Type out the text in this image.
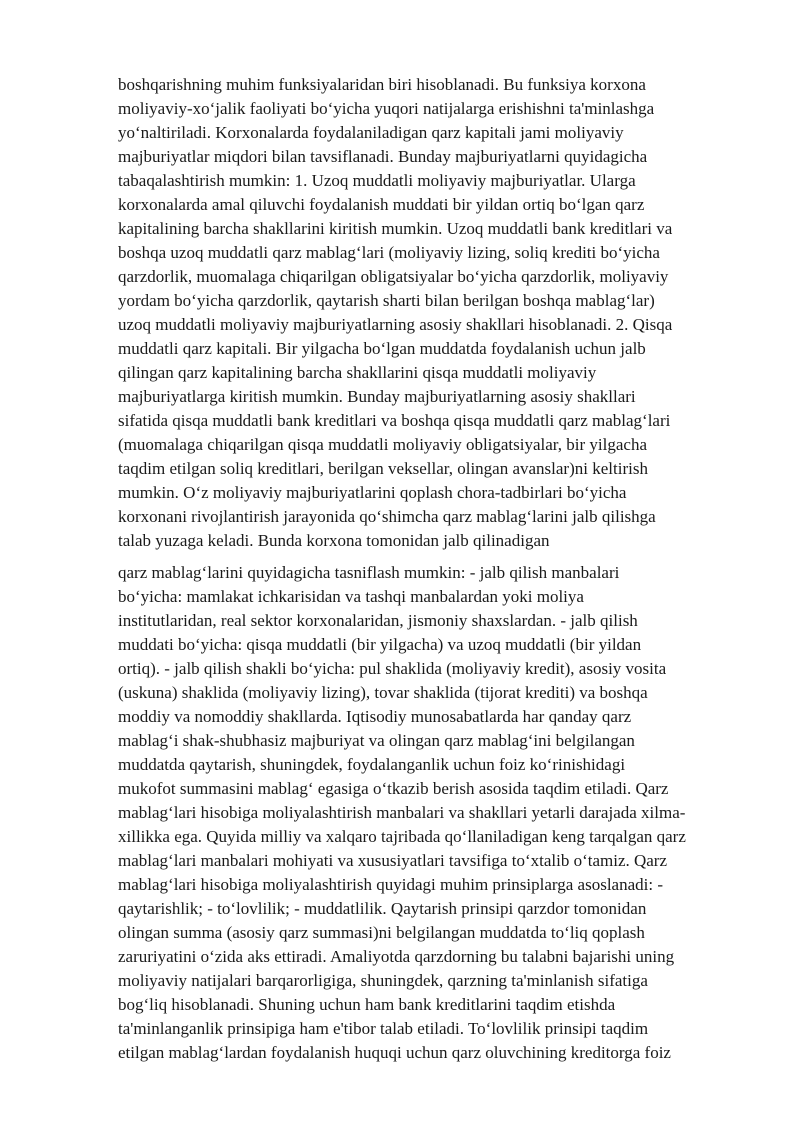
boshqarishning muhim funksiyalaridan biri hisoblanadi. Bu funksiya korxona

moliyaviy-xo‘jalik faoliyati bo‘yicha yuqori natijalarga erishishni ta'minlashga

yo‘naltiriladi. Korxonalarda foydalaniladigan qarz kapitali jami moliyaviy

majburiyatlar miqdori bilan tavsiflanadi. Bunday majburiyatlarni quyidagicha

tabaqalashtirish mumkin: 1. Uzoq muddatli moliyaviy majburiyatlar. Ularga

korxonalarda amal qiluvchi foydalanish muddati bir yildan ortiq bo‘lgan qarz

kapitalining barcha shakllarini kiritish mumkin. Uzoq muddatli bank kreditlari va

boshqa uzoq muddatli qarz mablag‘lari (moliyaviy lizing, soliq krediti bo‘yicha

qarzdorlik, muomalaga chiqarilgan obligatsiyalar bo‘yicha qarzdorlik, moliyaviy

yordam bo‘yicha qarzdorlik, qaytarish sharti bilan berilgan boshqa mablag‘lar)

uzoq muddatli moliyaviy majburiyatlarning asosiy shakllari hisoblanadi. 2. Qisqa

muddatli qarz kapitali. Bir yilgacha bo‘lgan muddatda foydalanish uchun jalb

qilingan qarz kapitalining barcha shakllarini qisqa muddatli moliyaviy

majburiyatlarga kiritish mumkin. Bunday majburiyatlarning asosiy shakllari

sifatida qisqa muddatli bank kreditlari va boshqa qisqa muddatli qarz mablag‘lari

(muomalaga chiqarilgan qisqa muddatli moliyaviy obligatsiyalar, bir yilgacha

taqdim etilgan soliq kreditlari, berilgan veksellar, olingan avanslar)ni keltirish

mumkin. O‘z moliyaviy majburiyatlarini qoplash chora-tadbirlari bo‘yicha

korxonani rivojlantirish jarayonida qo‘shimcha qarz mablag‘larini jalb qilishga

talab yuzaga keladi. Bunda korxona tomonidan jalb qilinadigan

qarz mablag‘larini quyidagicha tasniflash mumkin: - jalb qilish manbalari

bo‘yicha: mamlakat ichkarisidan va tashqi manbalardan yoki moliya

institutlaridan, real sektor korxonalaridan, jismoniy shaxslardan. - jalb qilish

muddati bo‘yicha: qisqa muddatli (bir yilgacha) va uzoq muddatli (bir yildan

ortiq). - jalb qilish shakli bo‘yicha: pul shaklida (moliyaviy kredit), asosiy vosita

(uskuna) shaklida (moliyaviy lizing), tovar shaklida (tijorat krediti) va boshqa

moddiy va nomoddiy shakllarda. Iqtisodiy munosabatlarda har qanday qarz

mablag‘i shak-shubhasiz majburiyat va olingan qarz mablag‘ini belgilangan

muddatda qaytarish, shuningdek, foydalanganlik uchun foiz ko‘rinishidagi

mukofot summasini mablag‘ egasiga o‘tkazib berish asosida taqdim etiladi. Qarz

mablag‘lari hisobiga moliyalashtirish manbalari va shakllari yetarli darajada xilma-

xillikka ega. Quyida milliy va xalqaro tajribada qo‘llaniladigan keng tarqalgan qarz

mablag‘lari manbalari mohiyati va xususiyatlari tavsifiga to‘xtalib o‘tamiz. Qarz

mablag‘lari hisobiga moliyalashtirish quyidagi muhim prinsiplarga asoslanadi: -

qaytarishlik; - to‘lovlilik; - muddatlilik. Qaytarish prinsipi qarzdor tomonidan

olingan summa (asosiy qarz summasi)ni belgilangan muddatda to‘liq qoplash

zaruriyatini o‘zida aks ettiradi. Amaliyotda qarzdorning bu talabni bajarishi uning

moliyaviy natijalari barqarorligiga, shuningdek, qarzning ta'minlanish sifatiga

bog‘liq hisoblanadi. Shuning uchun ham bank kreditlarini taqdim etishda

ta'minlanganlik prinsipiga ham e'tibor talab etiladi. To‘lovlilik prinsipi taqdim

etilgan mablag‘lardan foydalanish huquqi uchun qarz oluvchining kreditorga foiz
